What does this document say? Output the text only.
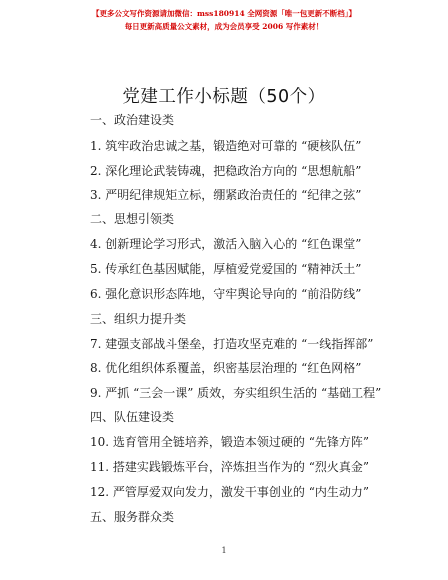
【更多公文写作资源请加微信：mss180914 全网资源「唯一包更新不断档」】
每日更新高质量公文素材，成为会员享受 2006 写作素材！
党建工作小标题（50个）
一、政治建设类
1. 筑牢政治忠诚之基，锻造绝对可靠的 “硬核队伍”
2. 深化理论武装铸魂，把稳政治方向的 “思想航船”
3. 严明纪律规矩立标，绷紧政治责任的 “纪律之弦”
二、思想引领类
4. 创新理论学习形式，激活入脑入心的 “红色课堂”
5. 传承红色基因赋能，厚植爱党爱国的 “精神沃土”
6. 强化意识形态阵地，守牢舆论导向的 “前沿防线”
三、组织力提升类
7. 建强支部战斗堡垒，打造攻坚克难的 “一线指挥部”
8. 优化组织体系覆盖，织密基层治理的 “红色网格”
9. 严抓 “三会一课” 质效，夯实组织生活的 “基础工程”
四、队伍建设类
10. 选育管用全链培养，锻造本领过硬的 “先锋方阵”
11. 搭建实践锻炼平台，淬炼担当作为的 “烈火真金”
12. 严管厚爱双向发力，激发干事创业的 “内生动力”
五、服务群众类
1
